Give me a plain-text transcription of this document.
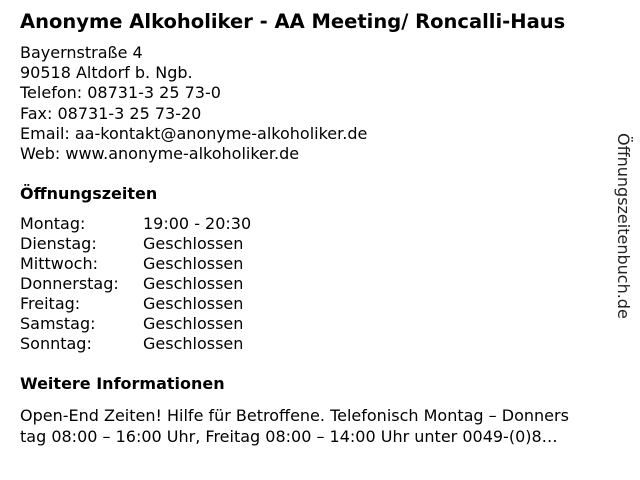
Anonyme Alkoholiker - AA Meeting/ Roncalli-Haus
Bayernstraße 4
90518 Altdorf b. Ngb.
Telefon: 08731-3 25 73-0
Fax: 08731-3 25 73-20
Email: aa-kontakt@anonyme-alkoholiker.de
Web: www.anonyme-alkoholiker.de
Öffnungszeiten
Montag:	19:00 - 20:30
Dienstag:	Geschlossen
Mittwoch:	Geschlossen
Donnerstag:	Geschlossen
Freitag:	Geschlossen
Samstag:	Geschlossen
Sonntag:	Geschlossen
Weitere Informationen
Open-End Zeiten! Hilfe für Betroffene. Telefonisch Montag – Donners
tag 08:00 – 16:00 Uhr, Freitag 08:00 – 14:00 Uhr unter 0049-(0)8…
Öffnungszeitenbuch.de
